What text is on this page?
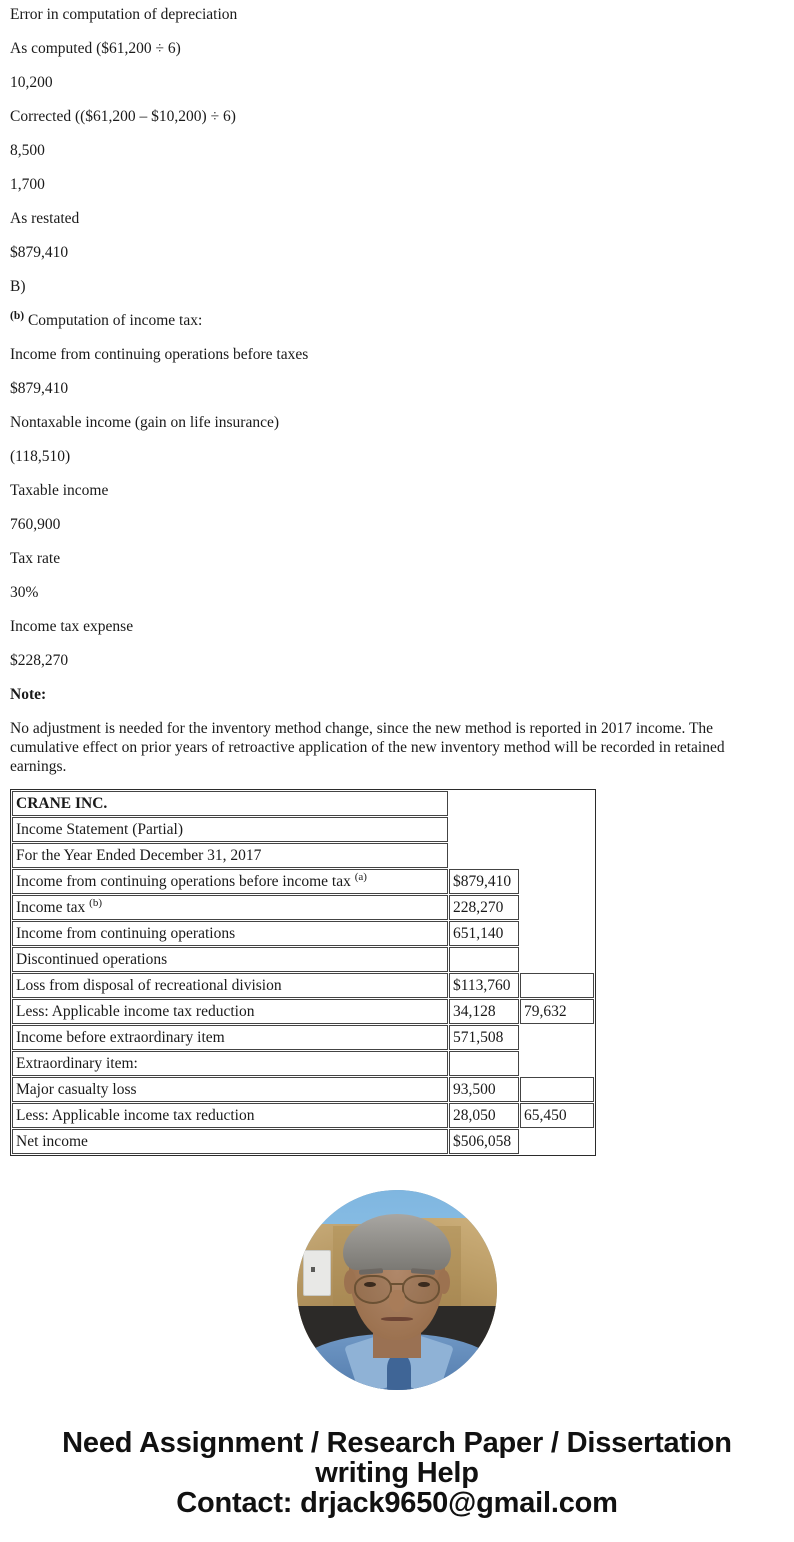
Error in computation of depreciation

As computed ($61,200 ÷ 6)

10,200

Corrected (($61,200 – $10,200) ÷ 6)

8,500

1,700

As restated

$879,410

B)

$^{(b)}$ Computation of income tax:

Income from continuing operations before taxes

$879,410

Nontaxable income (gain on life insurance)

(118,510)

Taxable income

760,900

Tax rate

30%

Income tax expense

$228,270

Note:

No adjustment is needed for the inventory method change, since the new method is reported in 2017 income. The cumulative effect on prior years of retroactive application of the new inventory method will be recorded in retained earnings.

CRANE INC.		
Income Statement (Partial)		
For the Year Ended December 31, 2017		
Income from continuing operations before income tax $^{(a)}$	$879,410	
Income tax $^{(b)}$	228,270	
Income from continuing operations	651,140	
Discontinued operations		
Loss from disposal of recreational division	$113,760	
Less: Applicable income tax reduction	34,128	79,632
Income before extraordinary item	571,508	
Extraordinary item:		
Major casualty loss	93,500	
Less: Applicable income tax reduction	28,050	65,450
Net income	$506,058	
Need Assignment / Research Paper / Dissertation
writing Help
Contact: drjack9650@gmail.com
